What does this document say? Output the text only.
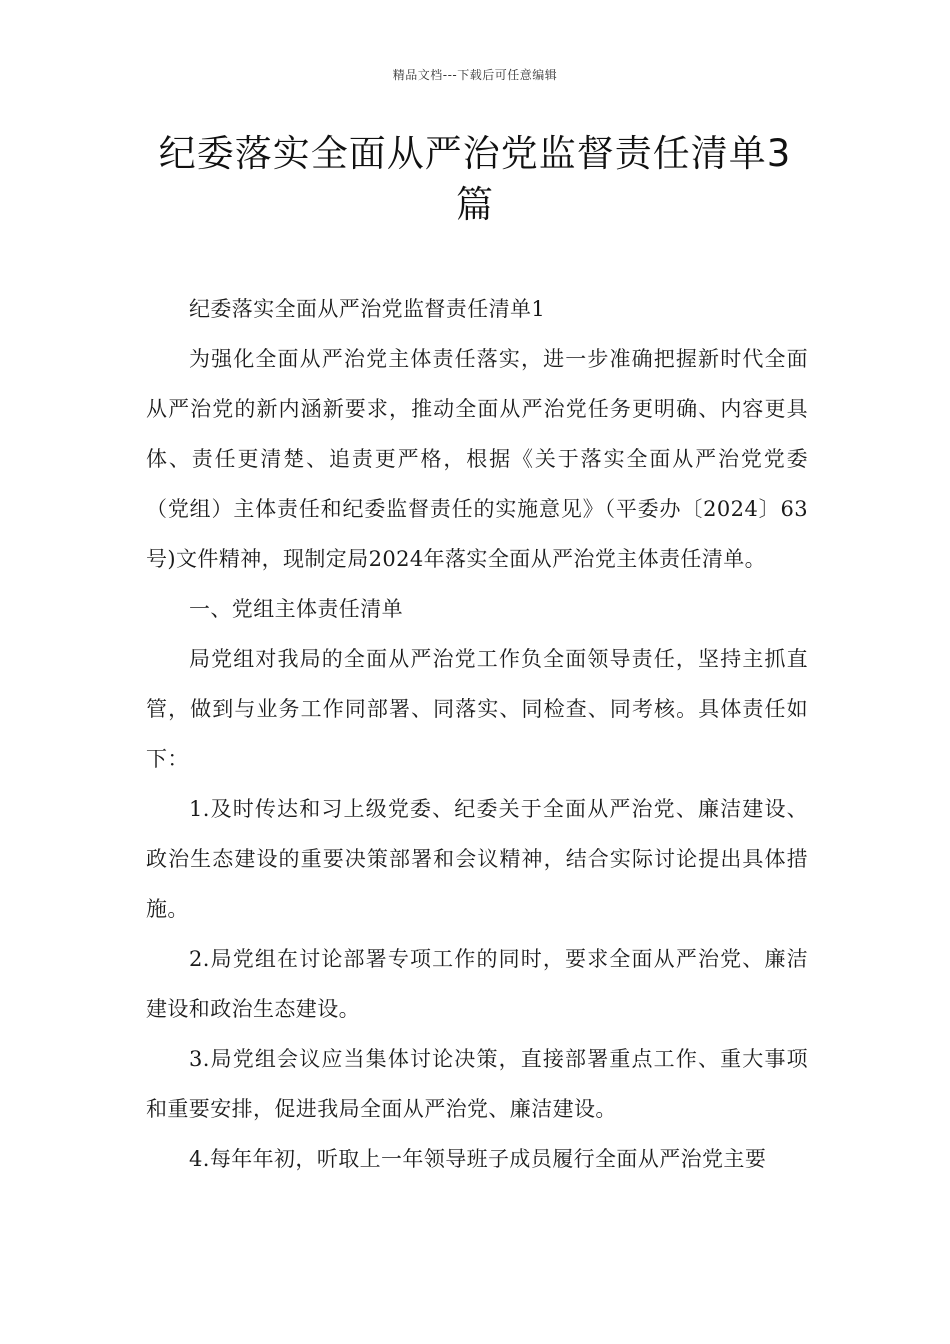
精品文档---下载后可任意编辑
纪委落实全面从严治党监督责任清单3篇

纪委落实全面从严治党监督责任清单1

为强化全面从严治党主体责任落实，进一步准确把握新时代全面从严治党的新内涵新要求，推动全面从严治党任务更明确、内容更具体、责任更清楚、追责更严格，根据《关于落实全面从严治党党委（党组）主体责任和纪委监督责任的实施意见》（平委办〔2024〕63号)文件精神，现制定局2024年落实全面从严治党主体责任清单。

一、党组主体责任清单

局党组对我局的全面从严治党工作负全面领导责任，坚持主抓直管，做到与业务工作同部署、同落实、同检查、同考核。具体责任如下：

1.及时传达和习上级党委、纪委关于全面从严治党、廉洁建设、政治生态建设的重要决策部署和会议精神，结合实际讨论提出具体措施。

2.局党组在讨论部署专项工作的同时，要求全面从严治党、廉洁建设和政治生态建设。

3.局党组会议应当集体讨论决策，直接部署重点工作、重大事项和重要安排，促进我局全面从严治党、廉洁建设。

4.每年年初，听取上一年领导班子成员履行全面从严治党主要
